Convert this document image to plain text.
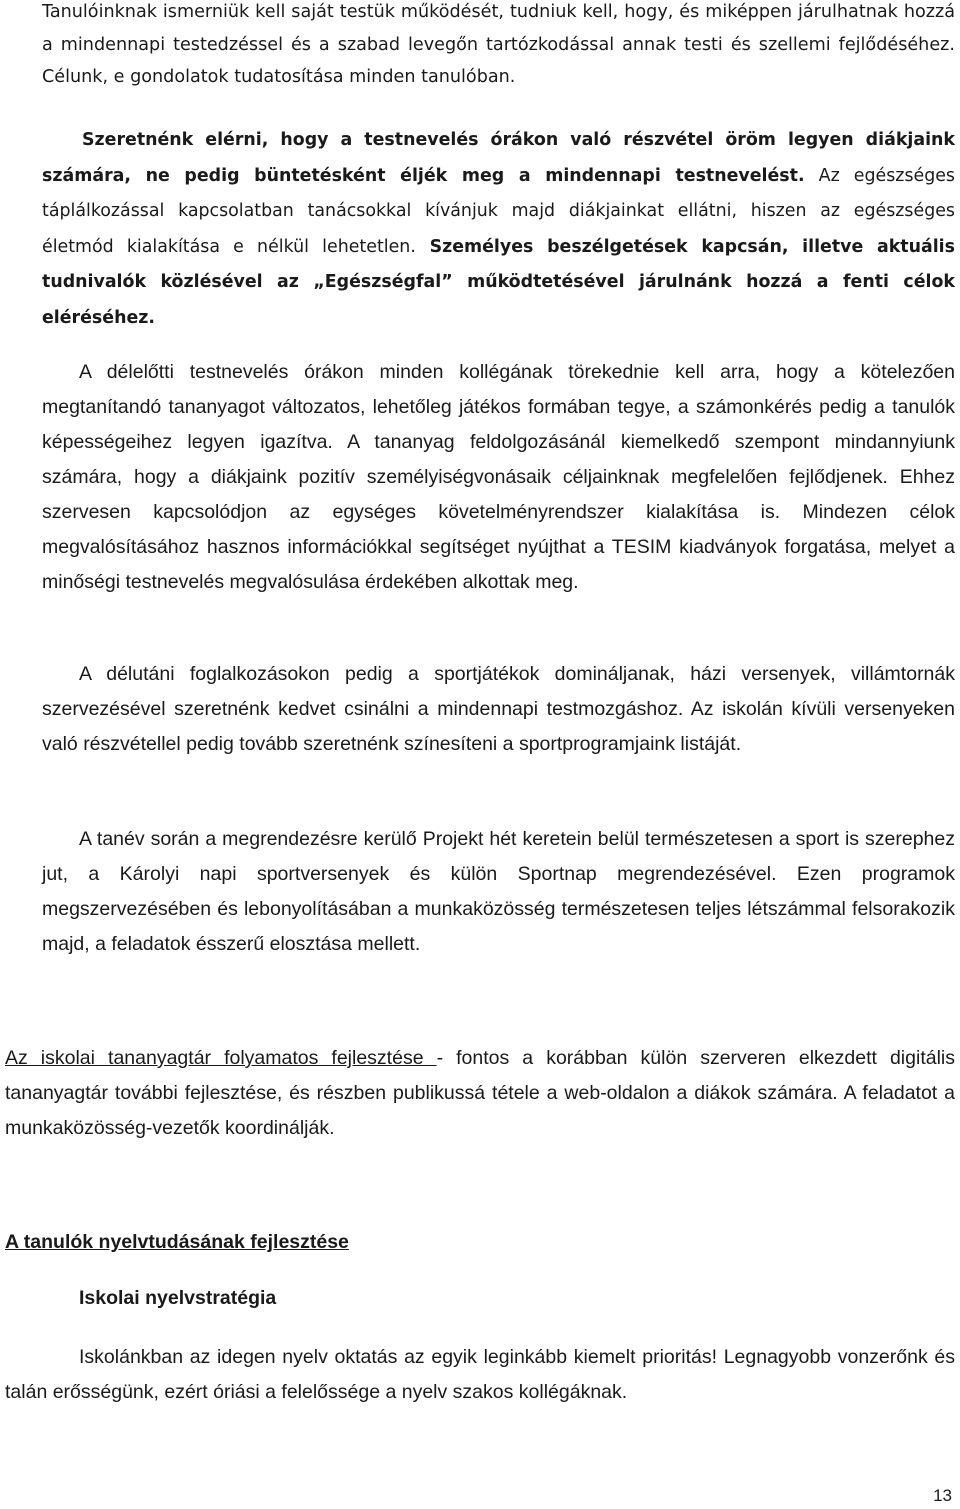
Tanulóinknak ismerniük kell saját testük működését, tudniuk kell, hogy, és miképpen járulhatnak hozzá a mindennapi testedzéssel és a szabad levegőn tartózkodással annak testi és szellemi fejlődéséhez. Célunk, e gondolatok tudatosítása minden tanulóban.

Szeretnénk elérni, hogy a testnevelés órákon való részvétel öröm legyen diákjaink számára, ne pedig büntetésként éljék meg a mindennapi testnevelést. Az egészséges táplálkozással kapcsolatban tanácsokkal kívánjuk majd diákjainkat ellátni, hiszen az egészséges életmód kialakítása e nélkül lehetetlen. Személyes beszélgetések kapcsán, illetve aktuális tudnivalók közlésével az „Egészségfal” működtetésével járulnánk hozzá a fenti célok eléréséhez.

A délelőtti testnevelés órákon minden kollégának törekednie kell arra, hogy a kötelezően megtanítandó tananyagot változatos, lehetőleg játékos formában tegye, a számonkérés pedig a tanulók képességeihez legyen igazítva. A tananyag feldolgozásánál kiemelkedő szempont mindannyiunk számára, hogy a diákjaink pozitív személyiségvonásaik céljainknak megfelelően fejlődjenek. Ehhez szervesen kapcsolódjon az egységes követelményrendszer kialakítása is. Mindezen célok megvalósításához hasznos információkkal segítséget nyújthat a TESIM kiadványok forgatása, melyet a minőségi testnevelés megvalósulása érdekében alkottak meg.

A délutáni foglalkozásokon pedig a sportjátékok domináljanak, házi versenyek, villámtornák szervezésével szeretnénk kedvet csinálni a mindennapi testmozgáshoz. Az iskolán kívüli versenyeken való részvétellel pedig tovább szeretnénk színesíteni a sportprogramjaink listáját.

A tanév során a megrendezésre kerülő Projekt hét keretein belül természetesen a sport is szerephez jut, a Károlyi napi sportversenyek és külön Sportnap megrendezésével. Ezen programok megszervezésében és lebonyolításában a munkaközösség természetesen teljes létszámmal felsorakozik majd, a feladatok ésszerű elosztása mellett.

Az iskolai tananyagtár folyamatos fejlesztése - fontos a korábban külön szerveren elkezdett digitális tananyagtár további fejlesztése, és részben publikussá tétele a web-oldalon a diákok számára. A feladatot a munkaközösség-vezetők koordinálják.

A tanulók nyelvtudásának fejlesztése
Iskolai nyelvstratégia

Iskolánkban az idegen nyelv oktatás az egyik leginkább kiemelt prioritás! Legnagyobb vonzerőnk és talán erősségünk, ezért óriási a felelőssége a nyelv szakos kollégáknak.

13
